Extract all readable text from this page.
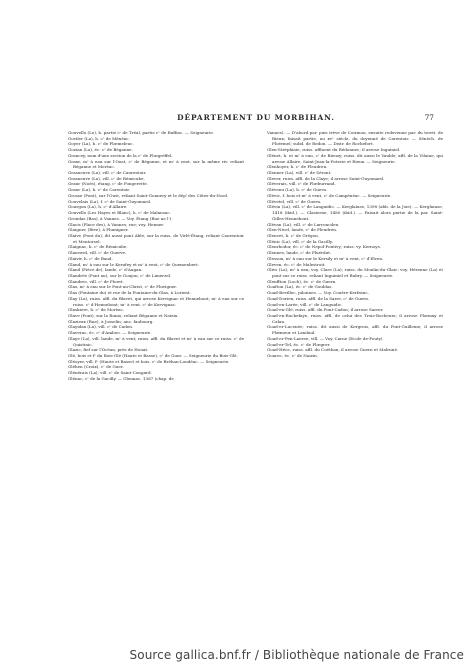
DÉPARTEMENT DU MORBIHAN.	77

Gouvello (Le), h. partie cᵉ de Tréal, partie cᵉ de Ruffiac. — Seigneurie.

Goviler (La), h. cᵉ de Ménéac.

Goyer (La), h. cᵉ de Plœmeleuc.

Gozian (La), éc. cᵉ de Béganne.

Grancey, nom d'une section de la cᵉ de Plœgréffel.

Granr, mᵉ à eau sur l'Oust, cᵉ de Béganne, et mᵉ à vent, sur la même riv. reliant Béganne et Morèac.

Grasneuve (La), vill. cᵉ de Caurentoir.

Grasneuve (La), vill. cᵉ de Rémicube.

Granr (Noës), étang, cᵉ de Fongerette.

Granr (La), h. cᵉ de Carentoir.

Grosse (Pont), sur l'Oust, reliant Saint-Gonnery et le dépᵗ des Côtes-du-Nord.

Gouvelais (La), f. cᵉ de Saint-Guyomard.

Gourgon (La), h. cᵉ d'Allaire.

Gouvello (Les Hayes et Blanc), h. cᵉ de Malansac.

Grondas (Bas), à Vannes. — Voy. Étang (Rue ne l').

Glacis (Place des), à Vannes; rue; voy. Henner.

Glaignec (Rive), à Plumigner.

Glaive (Pont du), dit aussi pont Able, sur la ruiss. de Virlé-Étang, reliant Caurentoir et Montorsel.

Glaignac, h. cᵉ de Rémicube.

Glauverd, vill. cᵉ de Guerve.

Glaivir, h. cᵉ de Baud.

Gland, mᵉ à eau sur le Kerufey et mᵉ à vent, cᵉ de Quemenbert.

Gland (Pièce de), lande, cᵉ d'Augan.

Glandrée (Pont au), sur le Goujon, cᵉ de Limerzel.

Glandrec, vill. cᵉ de Ploret.

Glas, mᵉ à eau sur le Pont-au-Christ, cᵉ de Pluvigner.

Glas (Fontaine du) et rue de la Fontaine-du-Glas, à Lorient.

Glay (La), ruiss. affl. du Blavet, qui arrose Kervignac et Hennebont; mᵉ à eau sur ce ruiss. cᵉ d'Hennebont; mᵉ à vent, cᵉ de Kervignac.

Glaskiere, h. cᵉ de Morèac.

Glave (Pont), sur la Runio, reliant Béganne et Naizin.

Glazieux (Rue), à Josselin; anc. faubourg.

Glayidax (La), vill. cᵉ de Caden.

Glaverac, éc. cᵉ d'Amboo. — Seigneurie.

Glaye (La), vill. lande, mᵉ à vent; ruiss. affl. du Blavet et mᵉ à eau sur ce ruiss. cᵉ de Quistinic.

Glazic, fief sur l'Océan, près de Houat.

Glé, bois et fᵉ du Bois-Glé (Haute et Basse), cᵉ de Guer. — Seigneurie du Bois-Glé.

Gléoyer, vill. fᵉ (Haute et Basse) et bois, cᵉ de Bréhan-Loudéac. — Seigneurie.

Gléhen (Croix), cᵉ de Guer.

Glénérais (La), vill. cᵉ de Saint-Congard.

Glénac, cᵉ de la Gacilly. — Glennac, 1387 (chap. de

Vannes). — D'abord par. puis trève de Coirmon, ensuite redevenue par. du territ. de Rieux; faisait partie, au xvᵉ siècle, du doyenné de Carentoir. — Sénéch. de Ploërmel; subd. de Redon. — Distr. de Rochefort.

Glen-Stréphiaie, ruiss. affluent du Rédonnec; il arrose Inguiniel.

Glénet, h. et mᵉ à eau, cᵉ de Bieuzy; ruiss. dit aussi le Vauble, affl. de la Vilaine, qui arrose Allaire, Saint-Jean-la-Poterie et Rieux. — Seigneurie.

Glenhoyer, h. cᵉ de Pleudren.

Glenner (La), vill. cᵉ de Séront.

Glever, ruiss. affl. de la Claye; il arrose Saint-Guyomard.

Gléverais, vill. cᵉ de Plœburrand.

Glévenu (La), h. cᵉ de Guern.

Glévic, f. bois et mᵉ à vent, cᵉ de Campénéac. — Seigneurie.

Glévetel, vill. cᵉ de Guern.

Glévin (La), vill. cᵉ de Languidic. — Kerglaiuse, 1398 (abb. de la Joie). — Kerglaiuse, 1418 (ibid.). — Clasierne, 1480 (ibid.). — Faisait alors partie de la par. Saint-Gilles-Hennebont.

Glévan (La), vill. cᵉ de Larroncden.

Glen-Nivel, lande, cᵉ de Pleudren.

Glenvet, h. cᵉ de Grégon.

Glénic (La), vill. cᵉ de la Gacilly.

Glenrhodor, éc. cᵉ de Nepol-Pontivy; ruiss. vy. Kernoys.

Glennes, lande, cᵉ de Pluérdut.

Glesson, mᵉ à eau sur le Kersily et mᵉ à vent, cᵉ d'Elven.

Gleven, éc. cᵉ de Malestroit.

Glivs (La), mᵉ à eau; voy. Clare (La); ruiss. du Moulin-du-Glaic: voy. Hérenne (La) et pont sur ce ruiss. reliant Inguiniel et Bubry. — Seigneurie.

Glenffton (Loch), éc. cᵉ de Guern.

Goafton (La), éc. cᵉ de Gouldas.

Goad-Bevillec, pilonnes. — Voy. Couère-Kerfranc.

Goad-Dorien, ruiss. affl. de la Sarre, cᵉ de Guern.

Goad-en-Larée, vill. cᵉ de Languidic.

Goad-en-Glé, ruiss. affl. du Pont-Cadon; il arrose Sarrer.

Goad-en-Rochefaye, ruiss. affl. de celui des Trois-Rocheurs; il arrose Plœmay et Calan.

Goad-er-Lucenée, ruiss. dit aussi de Kergrois, affl. du Pont-Guilleme; il arrose Plæmeur et Landaul.

Goad-er-Pen-Laeree, vill. — Voy. Carne (Ecole de-Pouty)

Goad-er-Tel, éc. cᵉ de Plœgrer.

Goad-Héoc, ruiss. affl. du Coëthan; il arrose Guern et Malruné.

Goarec, éc. cᵉ de Naizin.

Source gallica.bnf.fr / Bibliothèque nationale de France
